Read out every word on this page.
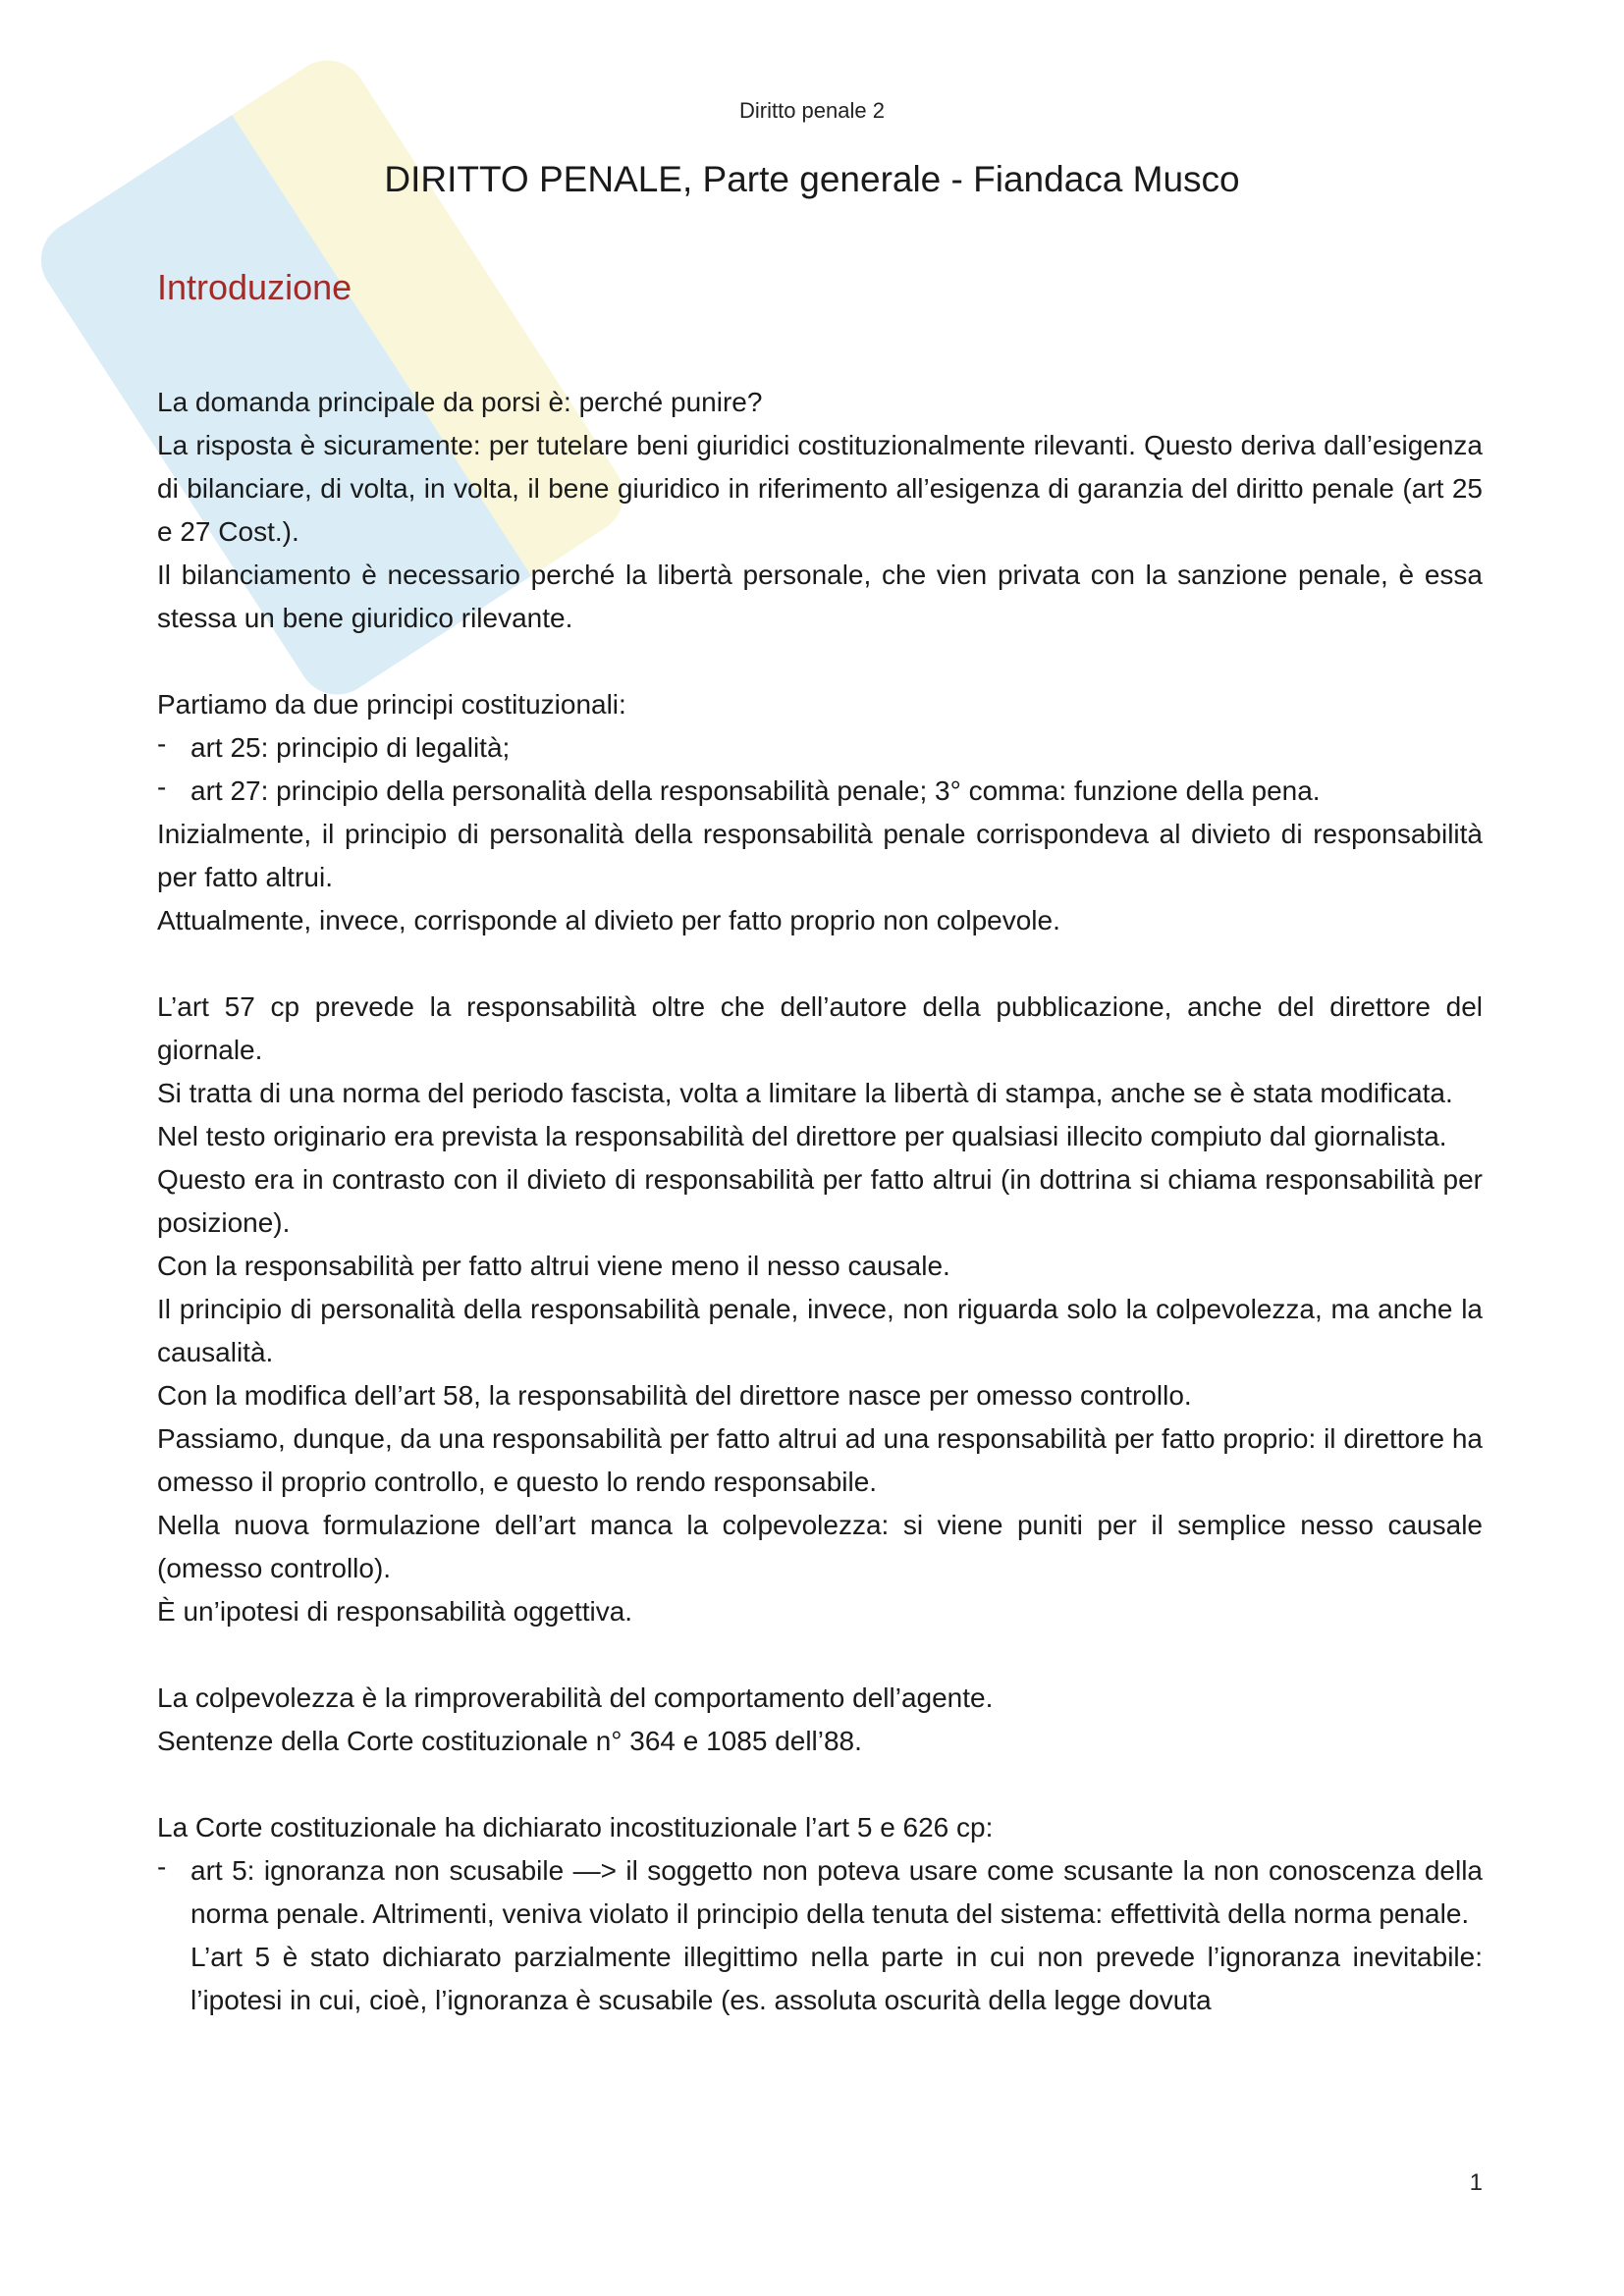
Diritto penale 2
DIRITTO PENALE, Parte generale - Fiandaca Musco
Introduzione

La domanda principale da porsi è: perché punire?

La risposta è sicuramente: per tutelare beni giuridici costituzionalmente rilevanti. Questo deriva dall’esigenza di bilanciare, di volta, in volta, il bene giuridico in riferimento all’esigenza di garanzia del diritto penale (art 25 e 27 Cost.).

Il bilanciamento è necessario perché la libertà personale, che vien privata con la sanzione penale, è essa stessa un bene giuridico rilevante.

Partiamo da due principi costituzionali:

- art 25: principio di legalità;
- art 27: principio della personalità della responsabilità penale; 3° comma: funzione della pena.

Inizialmente, il principio di personalità della responsabilità penale corrispondeva al divieto di responsabilità per fatto altrui.

Attualmente, invece, corrisponde al divieto per fatto proprio non colpevole.

L’art 57 cp prevede la responsabilità oltre che dell’autore della pubblicazione, anche del direttore del giornale.

Si tratta di una norma del periodo fascista, volta a limitare la libertà di stampa, anche se è stata modificata.

Nel testo originario era prevista la responsabilità del direttore per qualsiasi illecito compiuto dal giornalista.

Questo era in contrasto con il divieto di responsabilità per fatto altrui (in dottrina si chiama responsabilità per posizione).

Con la responsabilità per fatto altrui viene meno il nesso causale.

Il principio di personalità della responsabilità penale, invece, non riguarda solo la colpevolezza, ma anche la causalità.

Con la modifica dell’art 58, la responsabilità del direttore nasce per omesso controllo.

Passiamo, dunque, da una responsabilità per fatto altrui ad una responsabilità per fatto proprio: il direttore ha omesso il proprio controllo, e questo lo rendo responsabile.

Nella nuova formulazione dell’art manca la colpevolezza: si viene puniti per il semplice nesso causale (omesso controllo).

È un’ipotesi di responsabilità oggettiva.

La colpevolezza è la rimproverabilità del comportamento dell’agente.

Sentenze della Corte costituzionale n° 364 e 1085 dell’88.

La Corte costituzionale ha dichiarato incostituzionale l’art 5 e 626 cp:

- art 5: ignoranza non scusabile —> il soggetto non poteva usare come scusante la non conoscenza della norma penale. Altrimenti, veniva violato il principio della tenuta del sistema: effettività della norma penale.

L’art 5 è stato dichiarato parzialmente illegittimo nella parte in cui non prevede l’ignoranza inevitabile: l’ipotesi in cui, cioè, l’ignoranza è scusabile (es. assoluta oscurità della legge dovuta

1
